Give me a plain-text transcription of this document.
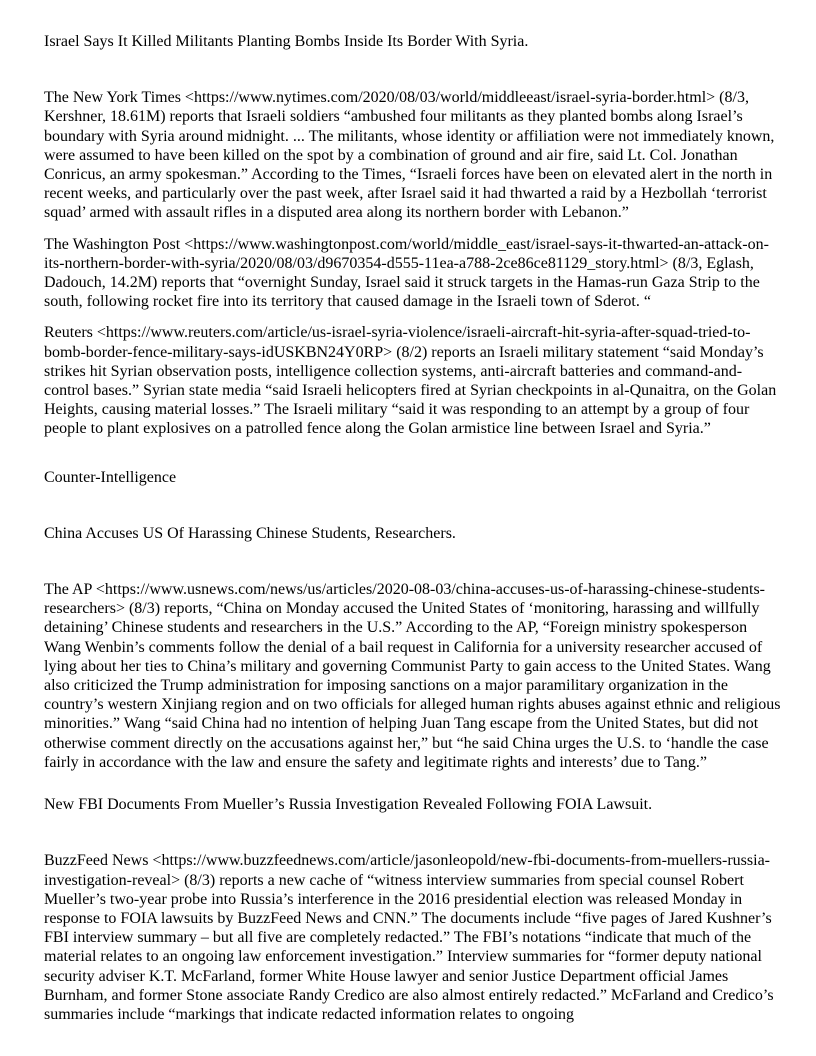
Israel Says It Killed Militants Planting Bombs Inside Its Border With Syria.
The New York Times <https://www.nytimes.com/2020/08/03/world/middleeast/israel-syria-border.html> (8/3, Kershner, 18.61M) reports that Israeli soldiers “ambushed four militants as they planted bombs along Israel’s boundary with Syria around midnight. ... The militants, whose identity or affiliation were not immediately known, were assumed to have been killed on the spot by a combination of ground and air fire, said Lt. Col. Jonathan Conricus, an army spokesman.” According to the Times, “Israeli forces have been on elevated alert in the north in recent weeks, and particularly over the past week, after Israel said it had thwarted a raid by a Hezbollah ‘terrorist squad’ armed with assault rifles in a disputed area along its northern border with Lebanon.”
The Washington Post <https://www.washingtonpost.com/world/middle_east/israel-says-it-thwarted-an-attack-on-its-northern-border-with-syria/2020/08/03/d9670354-d555-11ea-a788-2ce86ce81129_story.html> (8/3, Eglash, Dadouch, 14.2M) reports that “overnight Sunday, Israel said it struck targets in the Hamas-run Gaza Strip to the south, following rocket fire into its territory that caused damage in the Israeli town of Sderot. “
Reuters <https://www.reuters.com/article/us-israel-syria-violence/israeli-aircraft-hit-syria-after-squad-tried-to-bomb-border-fence-military-says-idUSKBN24Y0RP> (8/2) reports an Israeli military statement “said Monday’s strikes hit Syrian observation posts, intelligence collection systems, anti-aircraft batteries and command-and-control bases.” Syrian state media “said Israeli helicopters fired at Syrian checkpoints in al-Qunaitra, on the Golan Heights, causing material losses.” The Israeli military “said it was responding to an attempt by a group of four people to plant explosives on a patrolled fence along the Golan armistice line between Israel and Syria.”
Counter-Intelligence
China Accuses US Of Harassing Chinese Students, Researchers.
The AP <https://www.usnews.com/news/us/articles/2020-08-03/china-accuses-us-of-harassing-chinese-students-researchers> (8/3) reports, “China on Monday accused the United States of ‘monitoring, harassing and willfully detaining’ Chinese students and researchers in the U.S.” According to the AP, “Foreign ministry spokesperson Wang Wenbin’s comments follow the denial of a bail request in California for a university researcher accused of lying about her ties to China’s military and governing Communist Party to gain access to the United States. Wang also criticized the Trump administration for imposing sanctions on a major paramilitary organization in the country’s western Xinjiang region and on two officials for alleged human rights abuses against ethnic and religious minorities.” Wang “said China had no intention of helping Juan Tang escape from the United States, but did not otherwise comment directly on the accusations against her,” but “he said China urges the U.S. to ‘handle the case fairly in accordance with the law and ensure the safety and legitimate rights and interests’ due to Tang.”
New FBI Documents From Mueller’s Russia Investigation Revealed Following FOIA Lawsuit.
BuzzFeed News <https://www.buzzfeednews.com/article/jasonleopold/new-fbi-documents-from-muellers-russia-investigation-reveal> (8/3) reports a new cache of “witness interview summaries from special counsel Robert Mueller’s two-year probe into Russia’s interference in the 2016 presidential election was released Monday in response to FOIA lawsuits by BuzzFeed News and CNN.” The documents include “five pages of Jared Kushner’s FBI interview summary – but all five are completely redacted.” The FBI’s notations “indicate that much of the material relates to an ongoing law enforcement investigation.” Interview summaries for “former deputy national security adviser K.T. McFarland, former White House lawyer and senior Justice Department official James Burnham, and former Stone associate Randy Credico are also almost entirely redacted.” McFarland and Credico’s summaries include “markings that indicate redacted information relates to ongoing
